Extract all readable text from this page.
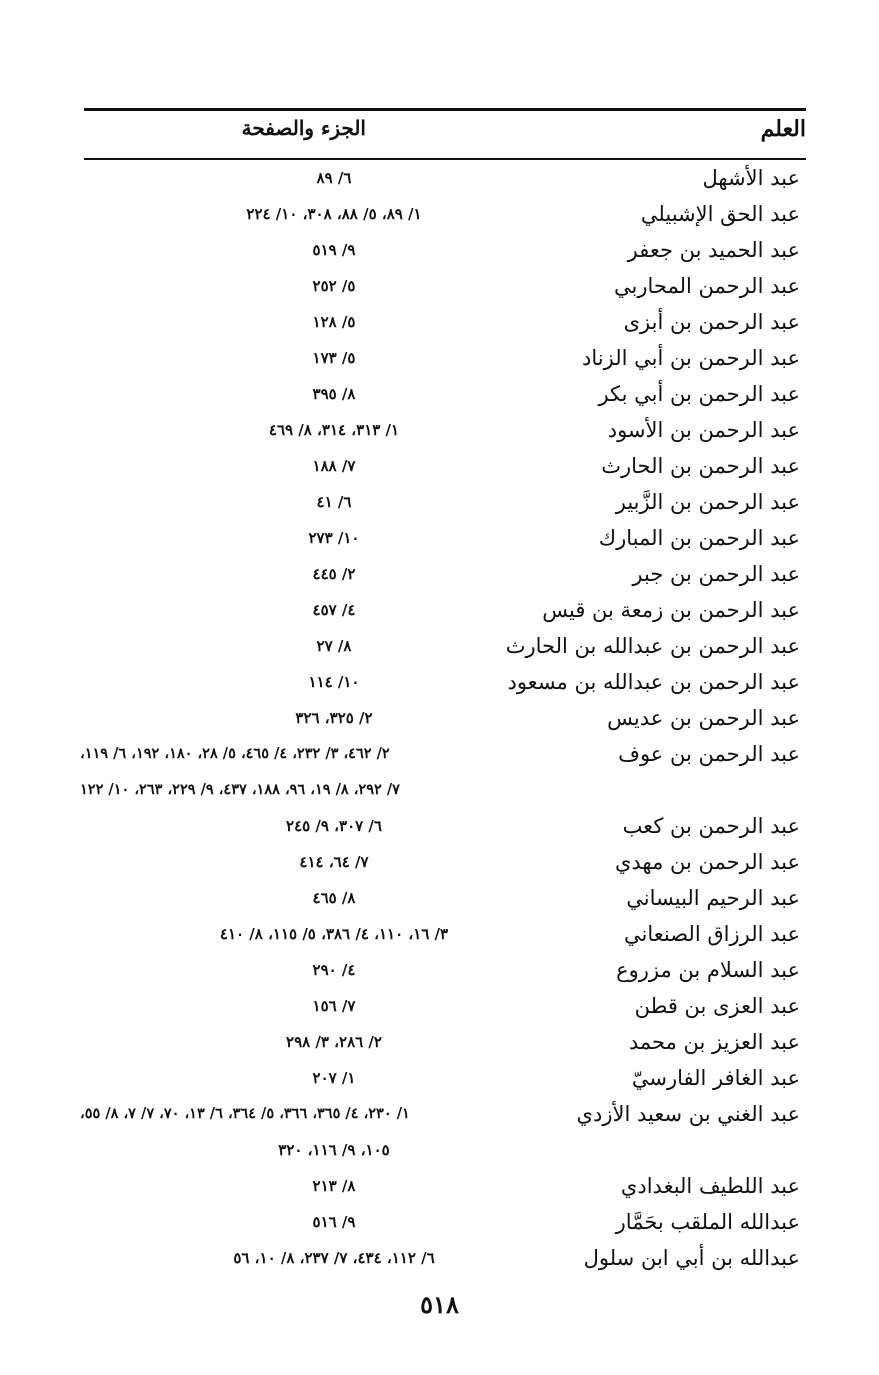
العلم
الجزء والصفحة
عبد الأشهل
٦/ ٨٩
عبد الحق الإشبيلي
١/ ٨٩، ٥/ ٨٨، ٣٠٨، ١٠/ ٢٢٤
عبد الحميد بن جعفر
٩/ ٥١٩
عبد الرحمن المحاربي
٥/ ٢٥٢
عبد الرحمن بن أبزى
٥/ ١٢٨
عبد الرحمن بن أبي الزناد
٥/ ١٧٣
عبد الرحمن بن أبي بكر
٨/ ٣٩٥
عبد الرحمن بن الأسود
١/ ٣١٣، ٣١٤، ٨/ ٤٦٩
عبد الرحمن بن الحارث
٧/ ١٨٨
عبد الرحمن بن الزَّبير
٦/ ٤١
عبد الرحمن بن المبارك
١٠/ ٢٧٣
عبد الرحمن بن جبر
٢/ ٤٤٥
عبد الرحمن بن زمعة بن قيس
٤/ ٤٥٧
عبد الرحمن بن عبدالله بن الحارث
٨/ ٢٧
عبد الرحمن بن عبدالله بن مسعود
١٠/ ١١٤
عبد الرحمن بن عديس
٢/ ٣٢٥، ٣٢٦
عبد الرحمن بن عوف
٢/ ٤٦٢، ٣/ ٢٣٢، ٤/ ٤٦٥، ٥/ ٢٨، ١٨٠، ١٩٢، ٦/ ١١٩،
٧/ ٢٩٢، ٨/ ١٩، ٩٦، ١٨٨، ٤٣٧، ٩/ ٢٢٩، ٢٦٣، ١٠/ ١٢٢
عبد الرحمن بن كعب
٦/ ٣٠٧، ٩/ ٢٤٥
عبد الرحمن بن مهدي
٧/ ٦٤، ٤١٤
عبد الرحيم البيساني
٨/ ٤٦٥
عبد الرزاق الصنعاني
٣/ ١٦، ١١٠، ٤/ ٣٨٦، ٥/ ١١٥، ٨/ ٤١٠
عبد السلام بن مزروع
٤/ ٢٩٠
عبد العزى بن قطن
٧/ ١٥٦
عبد العزيز بن محمد
٢/ ٢٨٦، ٣/ ٢٩٨
عبد الغافر الفارسيّ
١/ ٢٠٧
عبد الغني بن سعيد الأزدي
١/ ٢٣٠، ٤/ ٣٦٥، ٣٦٦، ٥/ ٣٦٤، ٦/ ١٣، ٧٠، ٧/ ٧، ٨/ ٥٥،
١٠٥، ٩/ ١١٦، ٣٢٠
عبد اللطيف البغدادي
٨/ ٢١٣
عبدالله الملقب بحَمَّار
٩/ ٥١٦
عبدالله بن أبي ابن سلول
٦/ ١١٢، ٤٣٤، ٧/ ٢٣٧، ٨/ ١٠، ٥٦
٥١٨
